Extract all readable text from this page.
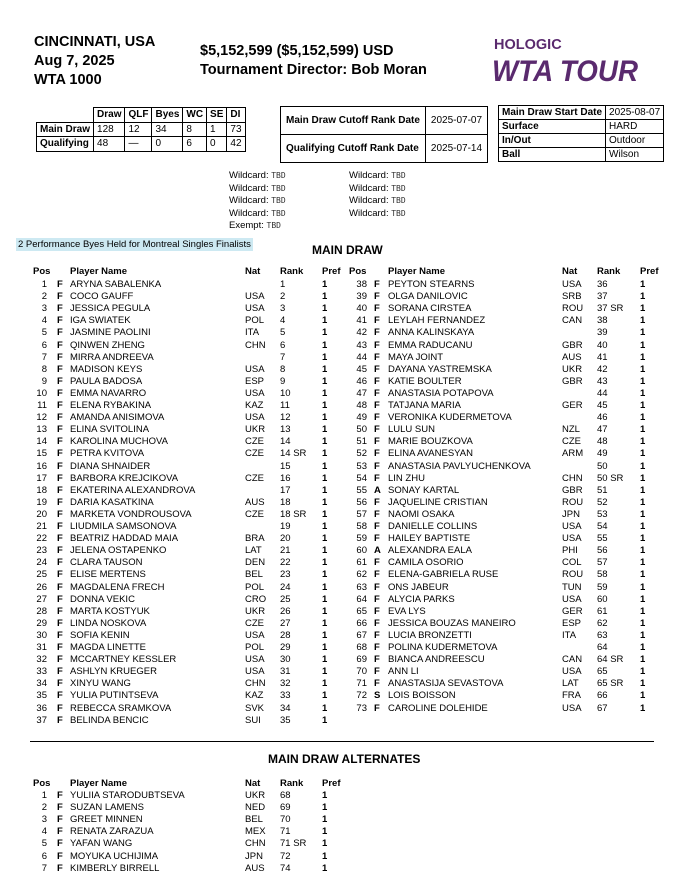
CINCINNATI, USA
Aug 7, 2025
WTA 1000
$5,152,599 ($5,152,599) USD
Tournament Director: Bob Moran
HOLOGIC
WTA TOUR
	Draw	QLF	Byes	WC	SE	DI
Main Draw	128	12	34	8	1	73
Qualifying	48	—	0	6	0	42
Main Draw Cutoff Rank Date	2025-07-07
Qualifying Cutoff Rank Date	2025-07-14
Main Draw Start Date	2025-08-07
Surface	HARD
In/Out	Outdoor
Ball	Wilson
Wildcard: TBD
Wildcard: TBD
Wildcard: TBD
Wildcard: TBD
Exempt: TBD
Wildcard: TBD
Wildcard: TBD
Wildcard: TBD
Wildcard: TBD
2 Performance Byes Held for Montreal Singles Finalists	MAIN DRAW
Pos Player Name	Nat Rank Pref Pos Player Name	Nat Rank Pref
1 F ARYNA SABALENKA	1	1
2 F COCO GAUFF	USA 2	1
3 F JESSICA PEGULA	USA 3	1
4 F IGA SWIATEK	POL 4	1
5 F JASMINE PAOLINI	ITA 5	1
6 F QINWEN ZHENG	CHN 6	1
7 F MIRRA ANDREEVA	7	1
8 F MADISON KEYS	USA 8	1
9 F PAULA BADOSA	ESP 9	1
10 F EMMA NAVARRO	USA 10	1
11 F ELENA RYBAKINA	KAZ 11	1
12 F AMANDA ANISIMOVA	USA 12	1
13 F ELINA SVITOLINA	UKR 13	1
14 F KAROLINA MUCHOVA	CZE 14	1
15 F PETRA KVITOVA	CZE 14 SR 1
16 F DIANA SHNAIDER	15	1
17 F BARBORA KREJCIKOVA	CZE 16	1
18 F EKATERINA ALEXANDROVA	17	1
19 F DARIA KASATKINA	AUS 18	1
20 F MARKETA VONDROUSOVA	CZE 18 SR 1
21 F LIUDMILA SAMSONOVA	19	1
22 F BEATRIZ HADDAD MAIA	BRA 20	1
23 F JELENA OSTAPENKO	LAT 21	1
24 F CLARA TAUSON	DEN 22	1
25 F ELISE MERTENS	BEL 23	1
26 F MAGDALENA FRECH	POL 24	1
27 F DONNA VEKIC	CRO 25	1
28 F MARTA KOSTYUK	UKR 26	1
29 F LINDA NOSKOVA	CZE 27	1
30 F SOFIA KENIN	USA 28	1
31 F MAGDA LINETTE	POL 29	1
32 F MCCARTNEY KESSLER	USA 30	1
33 F ASHLYN KRUEGER	USA 31	1
34 F XINYU WANG	CHN 32	1
35 F YULIA PUTINTSEVA	KAZ 33	1
36 F REBECCA SRAMKOVA	SVK 34	1
37 F BELINDA BENCIC	SUI 35	1
38 F PEYTON STEARNS	USA 36	1
39 F OLGA DANILOVIC	SRB 37	1
40 F SORANA CIRSTEA	ROU 37 SR 1
41 F LEYLAH FERNANDEZ	CAN 38	1
42 F ANNA KALINSKAYA	39	1
43 F EMMA RADUCANU	GBR 40	1
44 F MAYA JOINT	AUS 41	1
45 F DAYANA YASTREMSKA	UKR 42	1
46 F KATIE BOULTER	GBR 43	1
47 F ANASTASIA POTAPOVA	44	1
48 F TATJANA MARIA	GER 45	1
49 F VERONIKA KUDERMETOVA	46	1
50 F LULU SUN	NZL 47	1
51 F MARIE BOUZKOVA	CZE 48	1
52 F ELINA AVANESYAN	ARM 49	1
53 F ANASTASIA PAVLYUCHENKOVA	50	1
54 F LIN ZHU	CHN 50 SR 1
55 A SONAY KARTAL	GBR 51	1
56 F JAQUELINE CRISTIAN	ROU 52	1
57 F NAOMI OSAKA	JPN 53	1
58 F DANIELLE COLLINS	USA 54	1
59 F HAILEY BAPTISTE	USA 55	1
60 A ALEXANDRA EALA	PHI 56	1
61 F CAMILA OSORIO	COL 57	1
62 F ELENA-GABRIELA RUSE	ROU 58	1
63 F ONS JABEUR	TUN 59	1
64 F ALYCIA PARKS	USA 60	1
65 F EVA LYS	GER 61	1
66 F JESSICA BOUZAS MANEIRO	ESP 62	1
67 F LUCIA BRONZETTI	ITA 63	1
68 F POLINA KUDERMETOVA	64	1
69 F BIANCA ANDREESCU	CAN 64 SR 1
70 F ANN LI	USA 65	1
71 F ANASTASIJA SEVASTOVA	LAT 65 SR 1
72 S LOIS BOISSON	FRA 66	1
73 F CAROLINE DOLEHIDE	USA 67	1
MAIN DRAW ALTERNATES
Pos Player Name	Nat Rank Pref
1 F YULIIA STARODUBTSEVA	UKR 68	1
2 F SUZAN LAMENS	NED 69	1
3 F GREET MINNEN	BEL 70	1
4 F RENATA ZARAZUA	MEX 71	1
5 F YAFAN WANG	CHN 71 SR 1
6 F MOYUKA UCHIJIMA	JPN 72	1
7 F KIMBERLY BIRRELL	AUS 74	1
